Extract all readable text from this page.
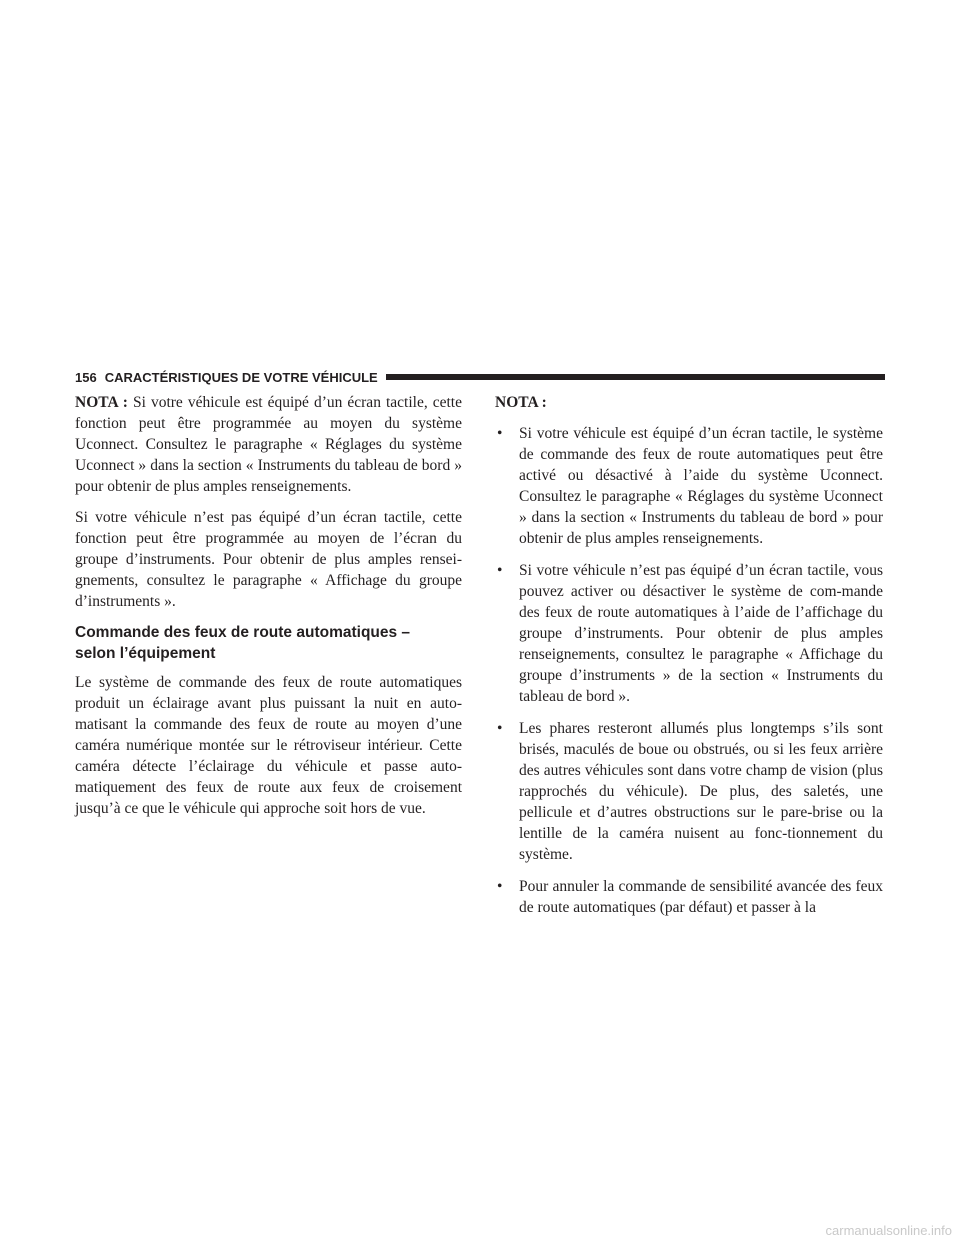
156 CARACTÉRISTIQUES DE VOTRE VÉHICULE

NOTA : Si votre véhicule est équipé d’un écran tactile, cette fonction peut être programmée au moyen du système Uconnect. Consultez le paragraphe « Réglages du système Uconnect » dans la section « Instruments du tableau de bord » pour obtenir de plus amples renseignements.

Si votre véhicule n’est pas équipé d’un écran tactile, cette fonction peut être programmée au moyen de l’écran du groupe d’instruments. Pour obtenir de plus amples rensei-gnements, consultez le paragraphe « Affichage du groupe d’instruments ».

Commande des feux de route automatiques –
selon l’équipement

Le système de commande des feux de route automatiques produit un éclairage avant plus puissant la nuit en auto-matisant la commande des feux de route au moyen d’une caméra numérique montée sur le rétroviseur intérieur. Cette caméra détecte l’éclairage du véhicule et passe auto-matiquement des feux de route aux feux de croisement jusqu’à ce que le véhicule qui approche soit hors de vue.

NOTA :
• Si votre véhicule est équipé d’un écran tactile, le système de commande des feux de route automatiques peut être activé ou désactivé à l’aide du système Uconnect. Consultez le paragraphe « Réglages du système Uconnect » dans la section « Instruments du tableau de bord » pour obtenir de plus amples renseignements.
• Si votre véhicule n’est pas équipé d’un écran tactile, vous pouvez activer ou désactiver le système de com-mande des feux de route automatiques à l’aide de l’affichage du groupe d’instruments. Pour obtenir de plus amples renseignements, consultez le paragraphe « Affichage du groupe d’instruments » de la section « Instruments du tableau de bord ».
• Les phares resteront allumés plus longtemps s’ils sont brisés, maculés de boue ou obstrués, ou si les feux arrière des autres véhicules sont dans votre champ de vision (plus rapprochés du véhicule). De plus, des saletés, une pellicule et d’autres obstructions sur le pare-brise ou la lentille de la caméra nuisent au fonc-tionnement du système.
• Pour annuler la commande de sensibilité avancée des feux de route automatiques (par défaut) et passer à la
carmanualsonline.info
